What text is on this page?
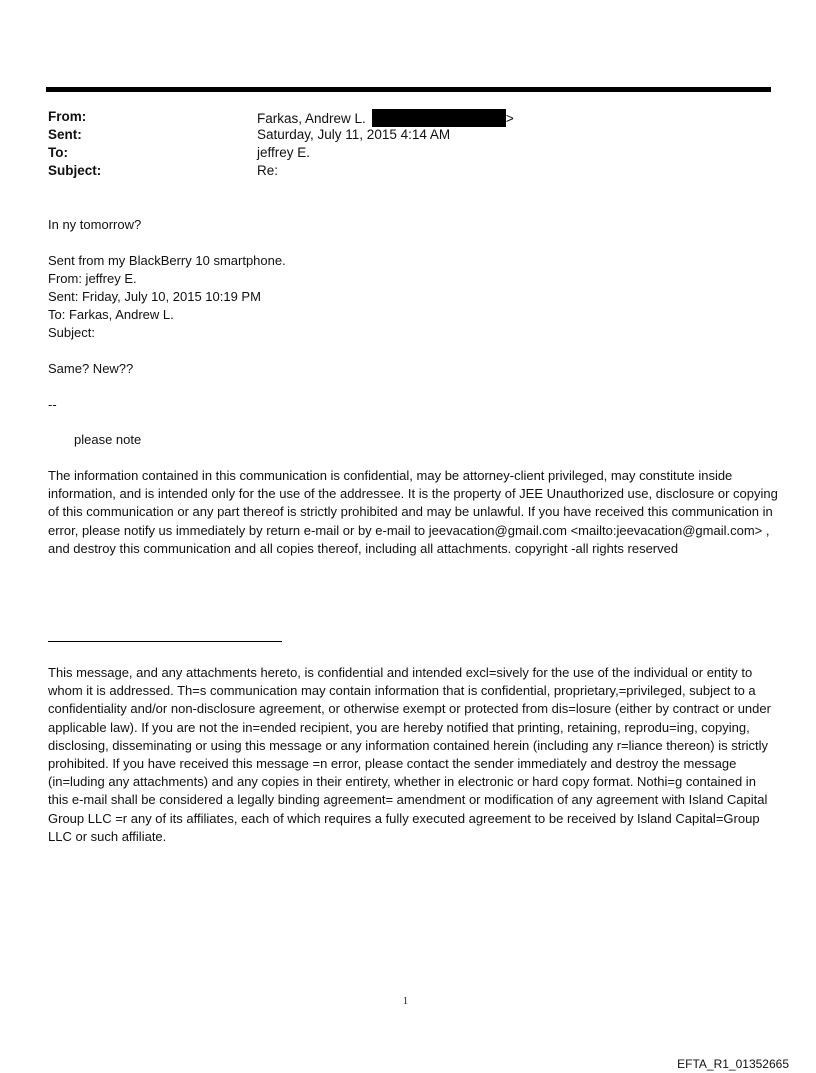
From:	Farkas, Andrew L.	>
Sent:	Saturday, July 11, 2015 4:14 AM
To:	jeffrey E.
Subject:	Re:
In ny tomorrow?
Sent from my BlackBerry 10 smartphone.
From: jeffrey E.
Sent: Friday, July 10, 2015 10:19 PM
To: Farkas, Andrew L.
Subject:
Same? New??
--
please note
The information contained in this communication is confidential, may be attorney-client privileged, may constitute inside information, and is intended only for the use of the addressee. It is the property of JEE Unauthorized use, disclosure or copying of this communication or any part thereof is strictly prohibited and may be unlawful. If you have received this communication in error, please notify us immediately by return e-mail or by e-mail to jeevacation@gmail.com <mailto:jeevacation@gmail.com> , and destroy this communication and all copies thereof, including all attachments. copyright -all rights reserved
This message, and any attachments hereto, is confidential and intended excl=sively for the use of the individual or entity to whom it is addressed. Th=s communication may contain information that is confidential, proprietary,=privileged, subject to a confidentiality and/or non-disclosure agreement, or otherwise exempt or protected from dis=losure (either by contract or under applicable law). If you are not the in=ended recipient, you are hereby notified that printing, retaining, reprodu=ing, copying, disclosing, disseminating or using this message or any information contained herein (including any r=liance thereon) is strictly prohibited. If you have received this message =n error, please contact the sender immediately and destroy the message (in=luding any attachments) and any copies in their entirety, whether in electronic or hard copy format. Nothi=g contained in this e-mail shall be considered a legally binding agreement= amendment or modification of any agreement with Island Capital Group LLC =r any of its affiliates, each of which requires a fully executed agreement to be received by Island Capital=Group LLC or such affiliate.
1
EFTA_R1_01352665
